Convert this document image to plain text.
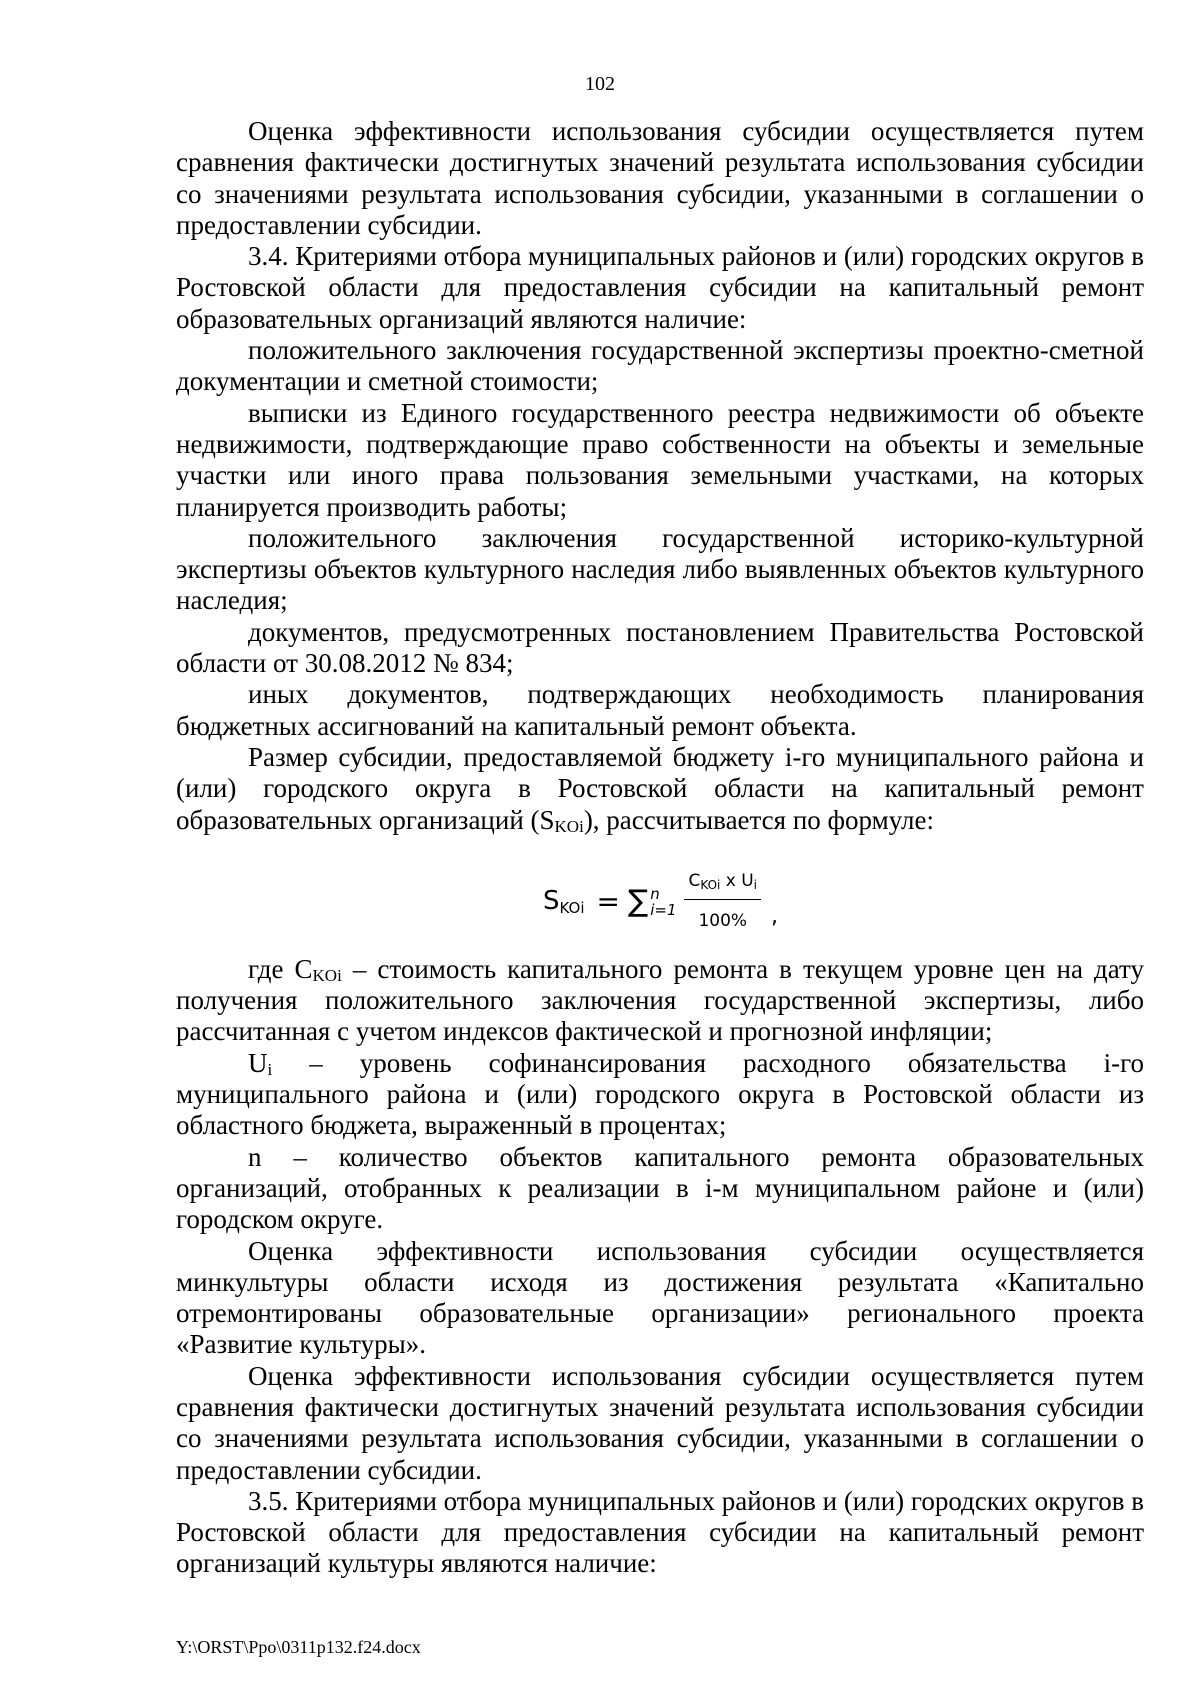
102

Оценка эффективности использования субсидии осуществляется путем сравнения фактически достигнутых значений результата использования субсидии со значениями результата использования субсидии, указанными в соглашении о предоставлении субсидии.

3.4. Критериями отбора муниципальных районов и (или) городских округов в Ростовской области для предоставления субсидии на капитальный ремонт образовательных организаций являются наличие:

положительного заключения государственной экспертизы проектно-сметной документации и сметной стоимости;

выписки из Единого государственного реестра недвижимости об объекте недвижимости, подтверждающие право собственности на объекты и земельные участки или иного права пользования земельными участками, на которых планируется производить работы;

положительного заключения государственной историко-культурной экспертизы объектов культурного наследия либо выявленных объектов культурного наследия;

документов, предусмотренных постановлением Правительства Ростовской области от 30.08.2012 № 834;

иных документов, подтверждающих необходимость планирования бюджетных ассигнований на капитальный ремонт объекта.

Размер субсидии, предоставляемой бюджету i-го муниципального района и (или) городского округа в Ростовской области на капитальный ремонт образовательных организаций $(S_{KOi})$, рассчитывается по формуле:

$S_{KOi}$ = ∑ n
$i=1 \frac{C_{KOi} x U_i}{100\%}$ ,

где $C_{KOi}$ – стоимость капитального ремонта в текущем уровне цен на дату получения положительного заключения государственной экспертизы, либо рассчитанная с учетом индексов фактической и прогнозной инфляции;

$U_i$ – уровень софинансирования расходного обязательства i-го муниципального района и (или) городского округа в Ростовской области из областного бюджета, выраженный в процентах;

n – количество объектов капитального ремонта образовательных организаций, отобранных к реализации в i-м муниципальном районе и (или) городском округе.

Оценка эффективности использования субсидии осуществляется минкультуры области исходя из достижения результата «Капитально отремонтированы образовательные организации» регионального проекта «Развитие культуры».

Оценка эффективности использования субсидии осуществляется путем сравнения фактически достигнутых значений результата использования субсидии со значениями результата использования субсидии, указанными в соглашении о предоставлении субсидии.

3.5. Критериями отбора муниципальных районов и (или) городских округов в Ростовской области для предоставления субсидии на капитальный ремонт организаций культуры являются наличие:

Y:\ORST\Ppo\0311p132.f24.docx
